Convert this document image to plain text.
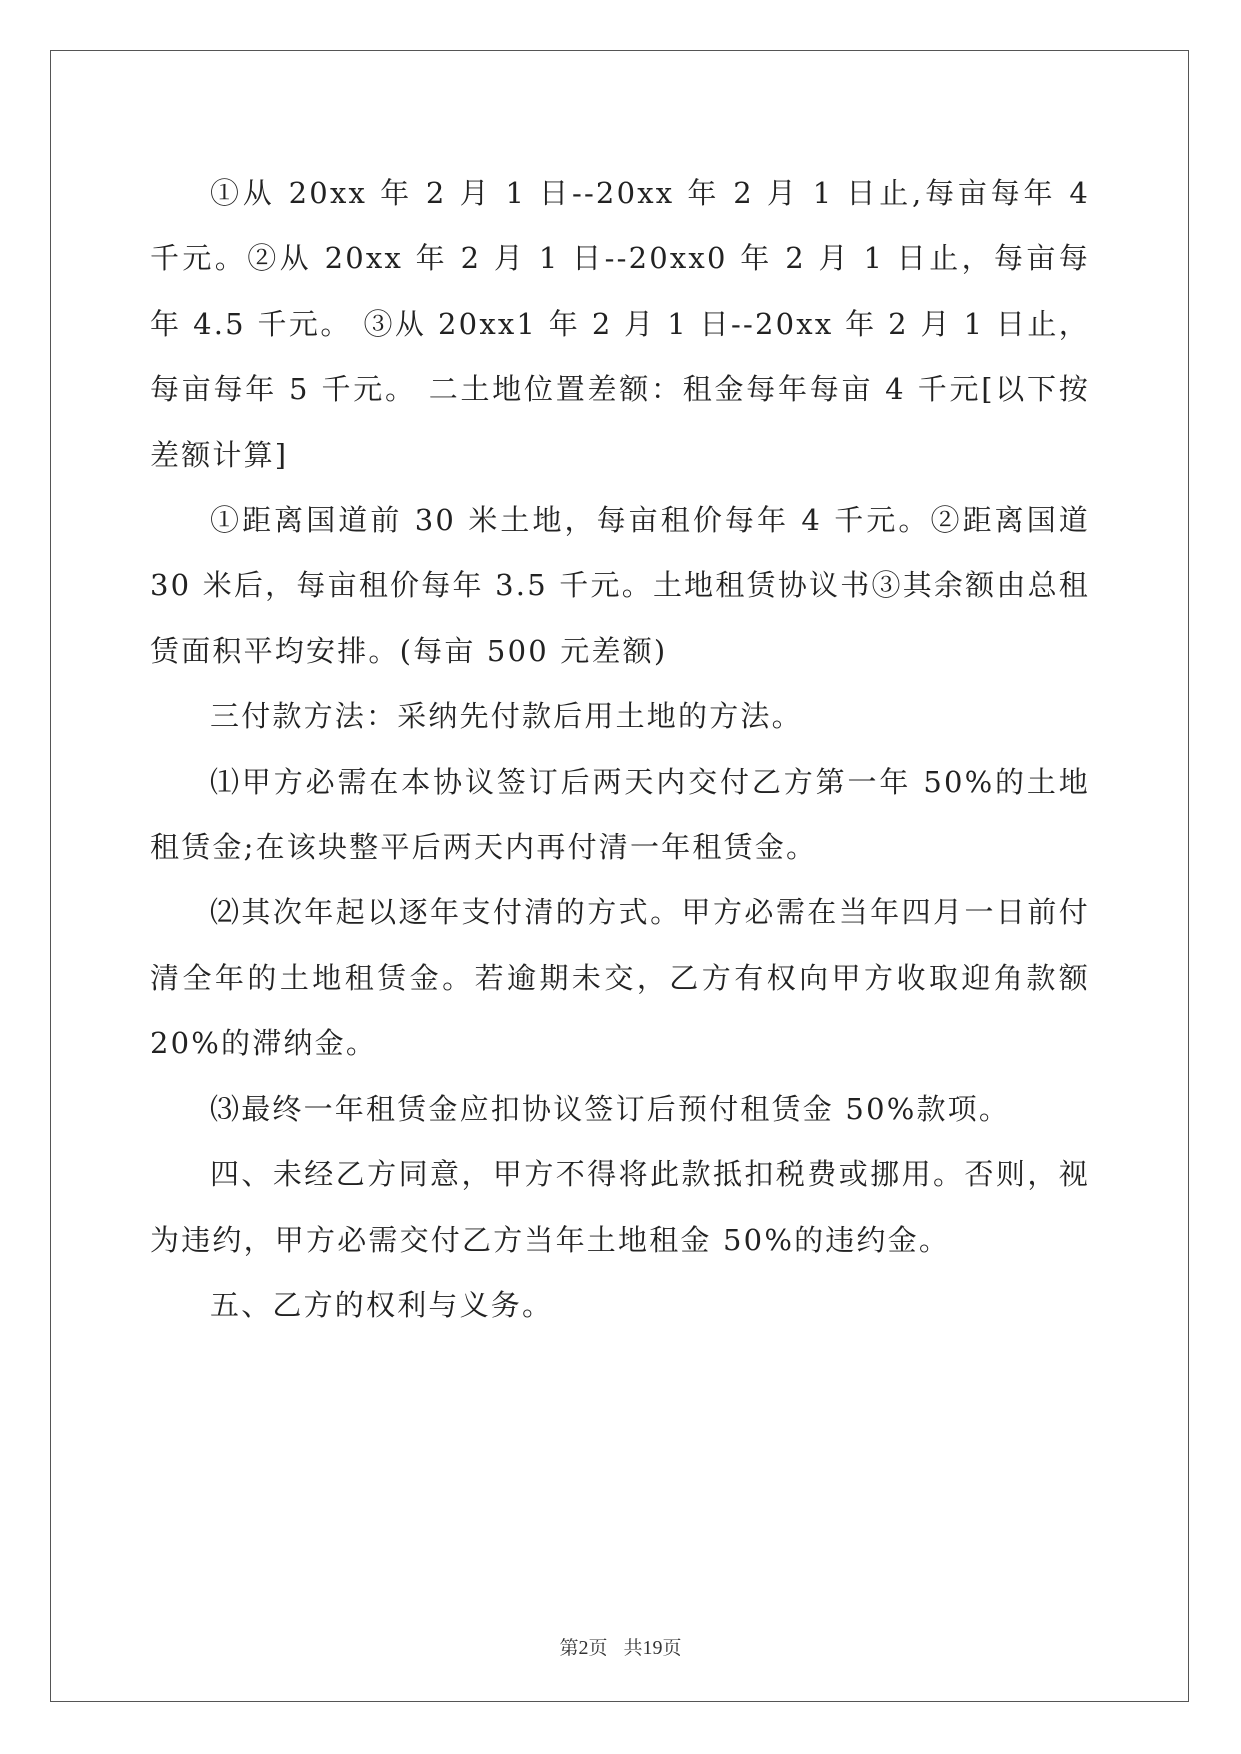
①从 20xx 年 2 月 1 日--20xx 年 2 月 1 日止,每亩每年 4 千元。②从 20xx 年 2 月 1 日--20xx0 年 2 月 1 日止，每亩每年 4.5 千元。 ③从 20xx1 年 2 月 1 日--20xx 年 2 月 1 日止，每亩每年 5 千元。 二土地位置差额：租金每年每亩 4 千元[以下按差额计算]

①距离国道前 30 米土地，每亩租价每年 4 千元。②距离国道 30 米后，每亩租价每年 3.5 千元。土地租赁协议书③其余额由总租赁面积平均安排。(每亩 500 元差额)

三付款方法：采纳先付款后用土地的方法。

⑴甲方必需在本协议签订后两天内交付乙方第一年 50%的土地租赁金;在该块整平后两天内再付清一年租赁金。

⑵其次年起以逐年支付清的方式。甲方必需在当年四月一日前付清全年的土地租赁金。若逾期未交，乙方有权向甲方收取迎角款额 20%的滞纳金。

⑶最终一年租赁金应扣协议签订后预付租赁金 50%款项。

四、未经乙方同意，甲方不得将此款抵扣税费或挪用。否则，视为违约，甲方必需交付乙方当年土地租金 50%的违约金。

五、乙方的权利与义务。

第2页 共19页
